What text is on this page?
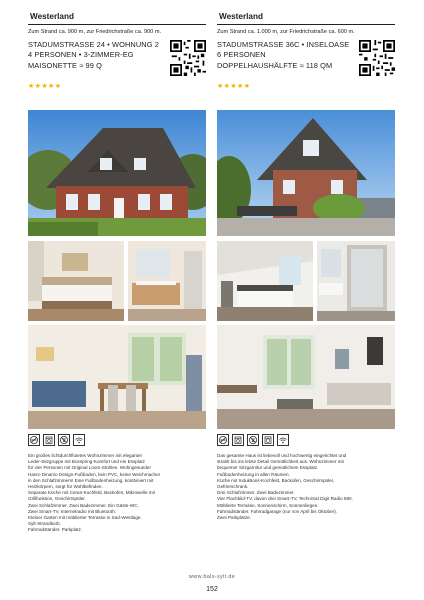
Westerland
Zum Strand ca. 900 m, zur Friedrichstraße ca. 900 m.
STADUMSTRASSE 24 • WOHNUNG 2
4 PERSONEN • 3-ZIMMER-EG
MAISONETTE ≈ 99 Q
★★★★★
Ein großes lichtdurchflutetes Wohnzimmer mit eleganter
Leder-Sitzgruppe mit Boxspring-Komfort und ein Essplatz
für vier Personen mit Original Loom-Stühlen. Wohngesunder
Hanro Dinamo Design-Fußboden, kein PVC, keine Weichmacher
in den Schlafzimmern! Eine Fußbodenheizung, kombiniert mit
Heizkörpern, sorgt für Wohlbefinden.
Separate Küche mit Ceran-Kochfeld, Backofen, Mikrowelle mit
Grillfunktion, Geschirrspüler.
Zwei Schlafzimmer. Zwei Badezimmer. Ein Gäste-WC.
Zwei Smart-TV, Internetradio mit Bluetooth.
Kleiner Garten mit möblierter Terrasse in Süd-Westlage.
Sylt-Strandkorb.
Fahrradständer. Parkplatz.
Westerland
Zum Strand ca. 1.000 m, zur Friedrichstraße ca. 600 m.
STADUMSTRASSE 36C • INSELOASE
6 PERSONEN
DOPPELHAUSHÄLFTE ≈ 118 QM
★★★★★
Das gesamte Haus ist liebevoll und hochwertig eingerichtet und
strahlt bis ins letzte Detail Gemütlichkeit aus. Wohnzimmer mit
bequemer Sitzgarnitur und gemütlichem Essplatz.
Fußbodenheizung in allen Räumen.
Küche mit Induktions-Kochfeld, Backofen, Geschirrspüler,
Gefrierschrank.
Drei Schlafzimmer. Zwei Badezimmer.
Vier Flachbild-TV, davon drei Smart-TV, TechniSat Digit Radio 580.
Möblierte Terrasse, Sonnenschirm, Sonnenliegen.
Fahrradständer. Fahrradgarage (nur von April bis Oktober).
Zwei Parkplätze.
www.bals-sylt.de
152
